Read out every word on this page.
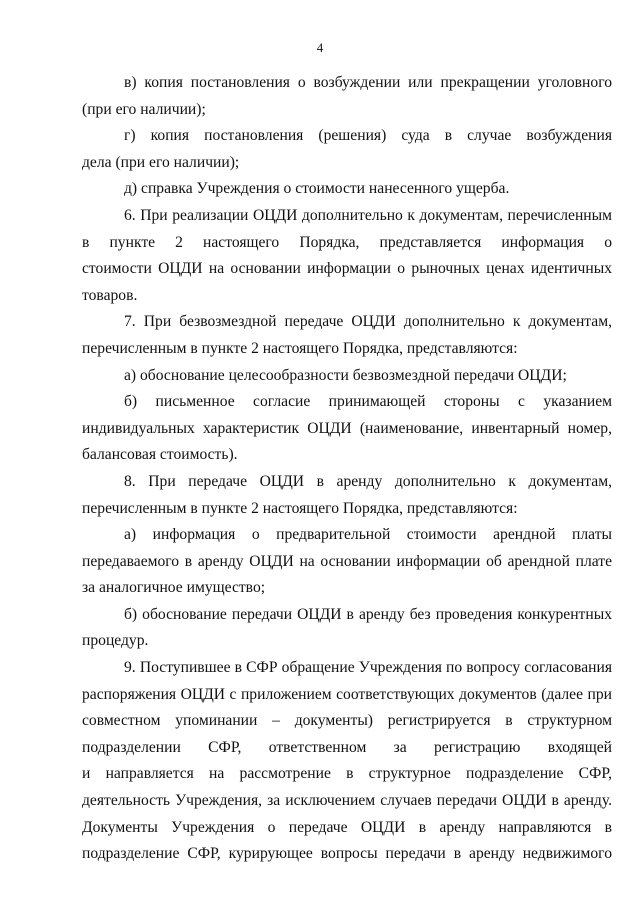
4
в) копия постановления о возбуждении или прекращении уголовного
(при его наличии);
г) копия постановления (решения) суда в случае возбуждения
дела (при его наличии);
д) справка Учреждения о стоимости нанесенного ущерба.
6. При реализации ОЦДИ дополнительно к документам, перечисленным
в пункте 2 настоящего Порядка, представляется информация о
стоимости ОЦДИ на основании информации о рыночных ценах идентичных
товаров.
7. При безвозмездной передаче ОЦДИ дополнительно к документам,
перечисленным в пункте 2 настоящего Порядка, представляются:
а) обоснование целесообразности безвозмездной передачи ОЦДИ;
б) письменное согласие принимающей стороны с указанием
индивидуальных характеристик ОЦДИ (наименование, инвентарный номер,
балансовая стоимость).
8. При передаче ОЦДИ в аренду дополнительно к документам,
перечисленным в пункте 2 настоящего Порядка, представляются:
а) информация о предварительной стоимости арендной платы
передаваемого в аренду ОЦДИ на основании информации об арендной плате
за аналогичное имущество;
б) обоснование передачи ОЦДИ в аренду без проведения конкурентных
процедур.
9. Поступившее в СФР обращение Учреждения по вопросу согласования
распоряжения ОЦДИ с приложением соответствующих документов (далее при
совместном упоминании – документы) регистрируется в структурном
подразделении СФР, ответственном за регистрацию входящей
и направляется на рассмотрение в структурное подразделение СФР,
деятельность Учреждения, за исключением случаев передачи ОЦДИ в аренду.
Документы Учреждения о передаче ОЦДИ в аренду направляются в
подразделение СФР, курирующее вопросы передачи в аренду недвижимого
